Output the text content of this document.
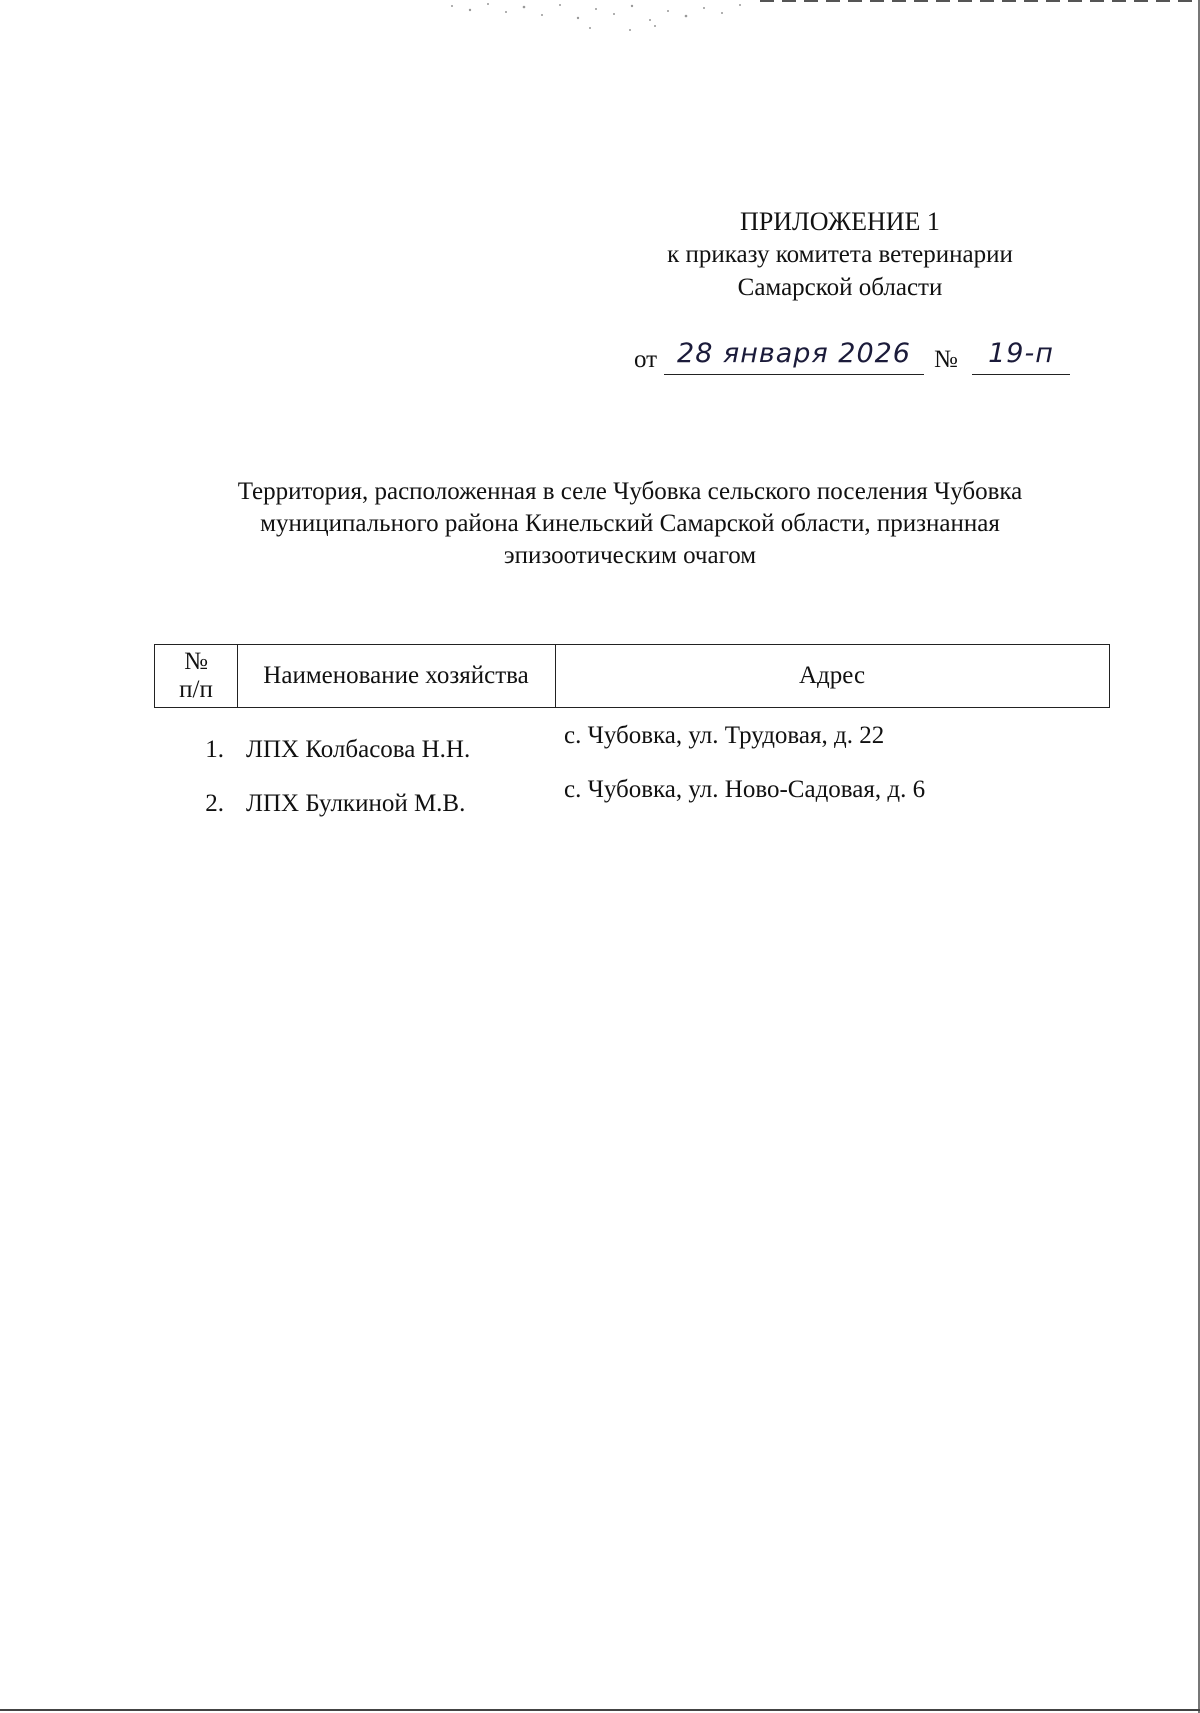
ПРИЛОЖЕНИЕ 1
к приказу комитета ветеринарии
Самарской области
от 28 января 2026 №	19-п
Территория, расположенная в селе Чубовка сельского поселения Чубовка
муниципального района Кинельский Самарской области, признанная
эпизоотическим очагом
№
п/п
Наименование хозяйства	Адрес
1. ЛПХ Колбасова Н.Н.
с. Чубовка, ул. Трудовая, д. 22
2. ЛПХ Булкиной М.В.
с. Чубовка, ул. Ново-Садовая, д. 6
